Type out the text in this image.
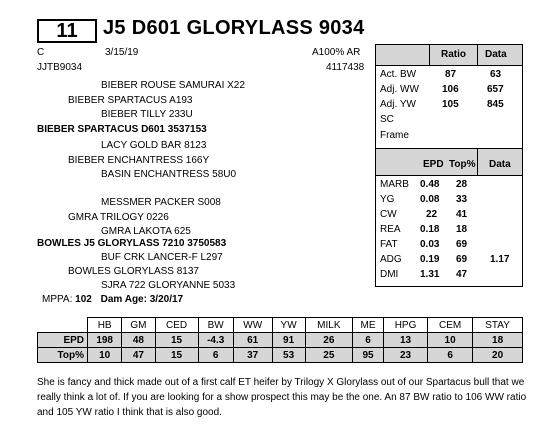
11	J5 D601 GLORYLASS 9034
C	3/15/19
JJTB9034
A100% AR
4117438
BIEBER ROUSE SAMURAI X22
BIEBER SPARTACUS A193
BIEBER TILLY 233U
BIEBER SPARTACUS D601 3537153
LACY GOLD BAR 8123
BIEBER ENCHANTRESS 166Y
BASIN ENCHANTRESS 58U0
MESSMER PACKER S008
GMRA TRILOGY 0226
GMRA LAKOTA 625
BOWLES J5 GLORYLASS 7210 3750583
BUF CRK LANCER-F L297
BOWLES GLORYLASS 8137
SJRA 722 GLORYANNE 5033
MPPA: 102 Dam Age: 3/20/17
Ratio Data
Act. BW	87	63
Adj. WW 106	657
Adj. YW	105	845
SC
Frame
EPD Top% Data
MARB 0.48 28
YG	0.08 33
CW	22 41
REA 0.18 18
FAT 0.03 69
ADG 0.19 69 1.17
DMI 1.31 47
	HB	GM	CED	BW	WW	YW	MILK	ME	HPG	CEM	STAY
EPD	198	48	15	-4.3	61	91	26	6	13	10	18
Top%	10	47	15	6	37	53	25	95	23	6	20
She is fancy and thick made out of a first calf ET heifer by Trilogy X Glorylass out of our Spartacus bull that we really think a lot of. If you are looking for a show prospect this may be the one. An 87 BW ratio to 106 WW ratio and 105 YW ratio I think that is also good.
